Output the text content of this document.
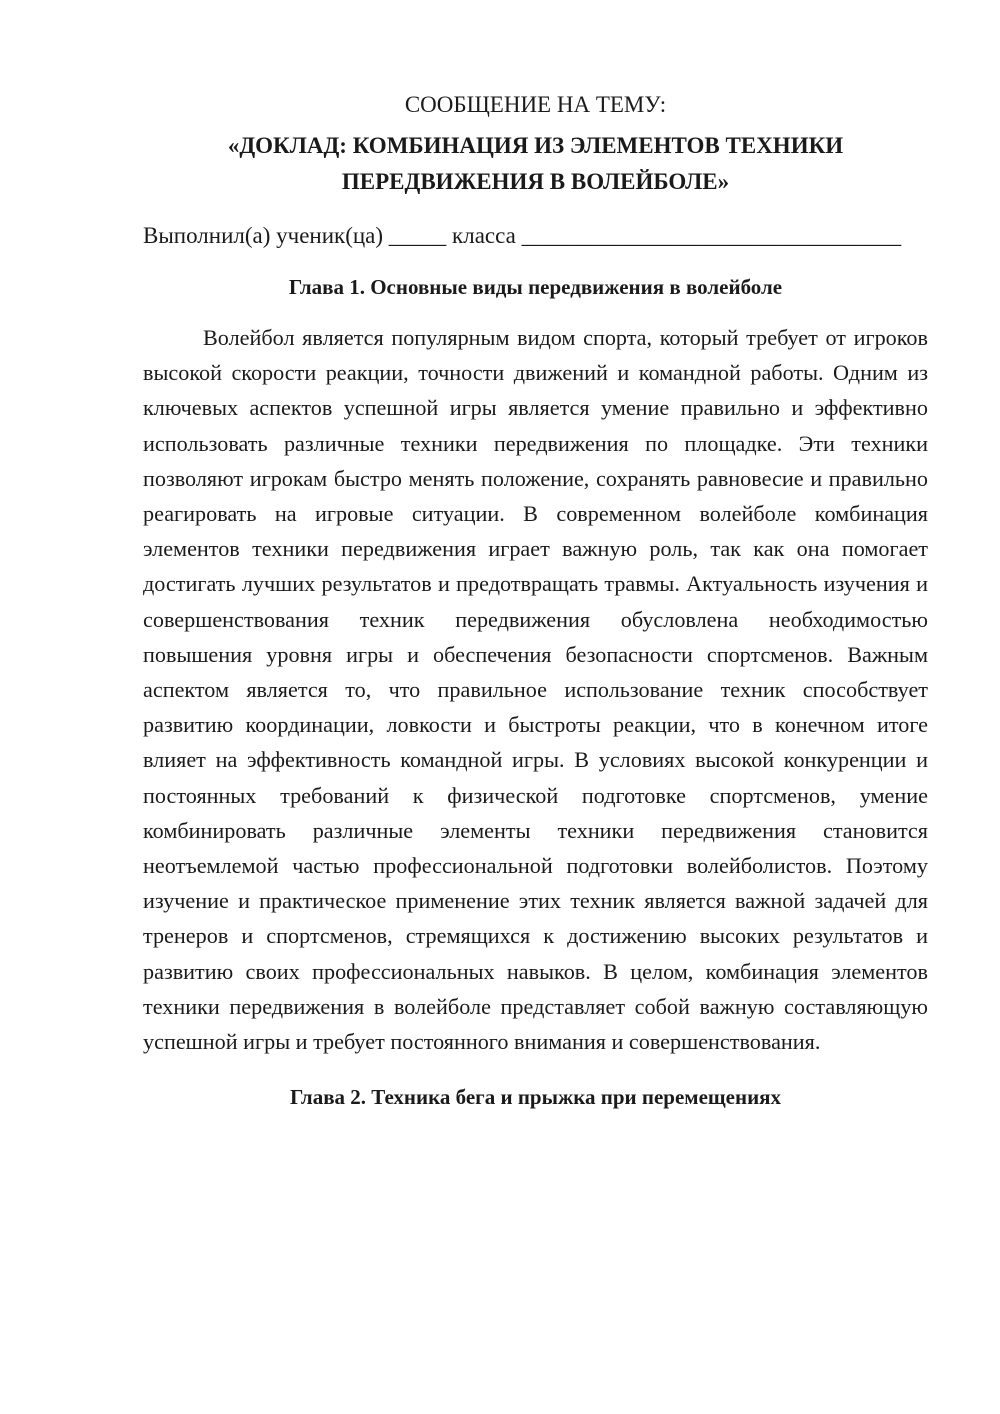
СООБЩЕНИЕ НА ТЕМУ:

«ДОКЛАД: КОМБИНАЦИЯ ИЗ ЭЛЕМЕНТОВ ТЕХНИКИ
ПЕРЕДВИЖЕНИЯ В ВОЛЕЙБОЛЕ»

Выполнил(а) ученик(ца) _____ класса _________________________________

Глава 1. Основные виды передвижения в волейболе

Волейбол является популярным видом спорта, который требует от игроков высокой скорости реакции, точности движений и командной работы. Одним из ключевых аспектов успешной игры является умение правильно и эффективно использовать различные техники передвижения по площадке. Эти техники позволяют игрокам быстро менять положение, сохранять равновесие и правильно реагировать на игровые ситуации. В современном волейболе комбинация элементов техники передвижения играет важную роль, так как она помогает достигать лучших результатов и предотвращать травмы. Актуальность изучения и совершенствования техник передвижения обусловлена необходимостью повышения уровня игры и обеспечения безопасности спортсменов. Важным аспектом является то, что правильное использование техник способствует развитию координации, ловкости и быстроты реакции, что в конечном итоге влияет на эффективность командной игры. В условиях высокой конкуренции и постоянных требований к физической подготовке спортсменов, умение комбинировать различные элементы техники передвижения становится неотъемлемой частью профессиональной подготовки волейболистов. Поэтому изучение и практическое применение этих техник является важной задачей для тренеров и спортсменов, стремящихся к достижению высоких результатов и развитию своих профессиональных навыков. В целом, комбинация элементов техники передвижения в волейболе представляет собой важную составляющую успешной игры и требует постоянного внимания и совершенствования.

Глава 2. Техника бега и прыжка при перемещениях
